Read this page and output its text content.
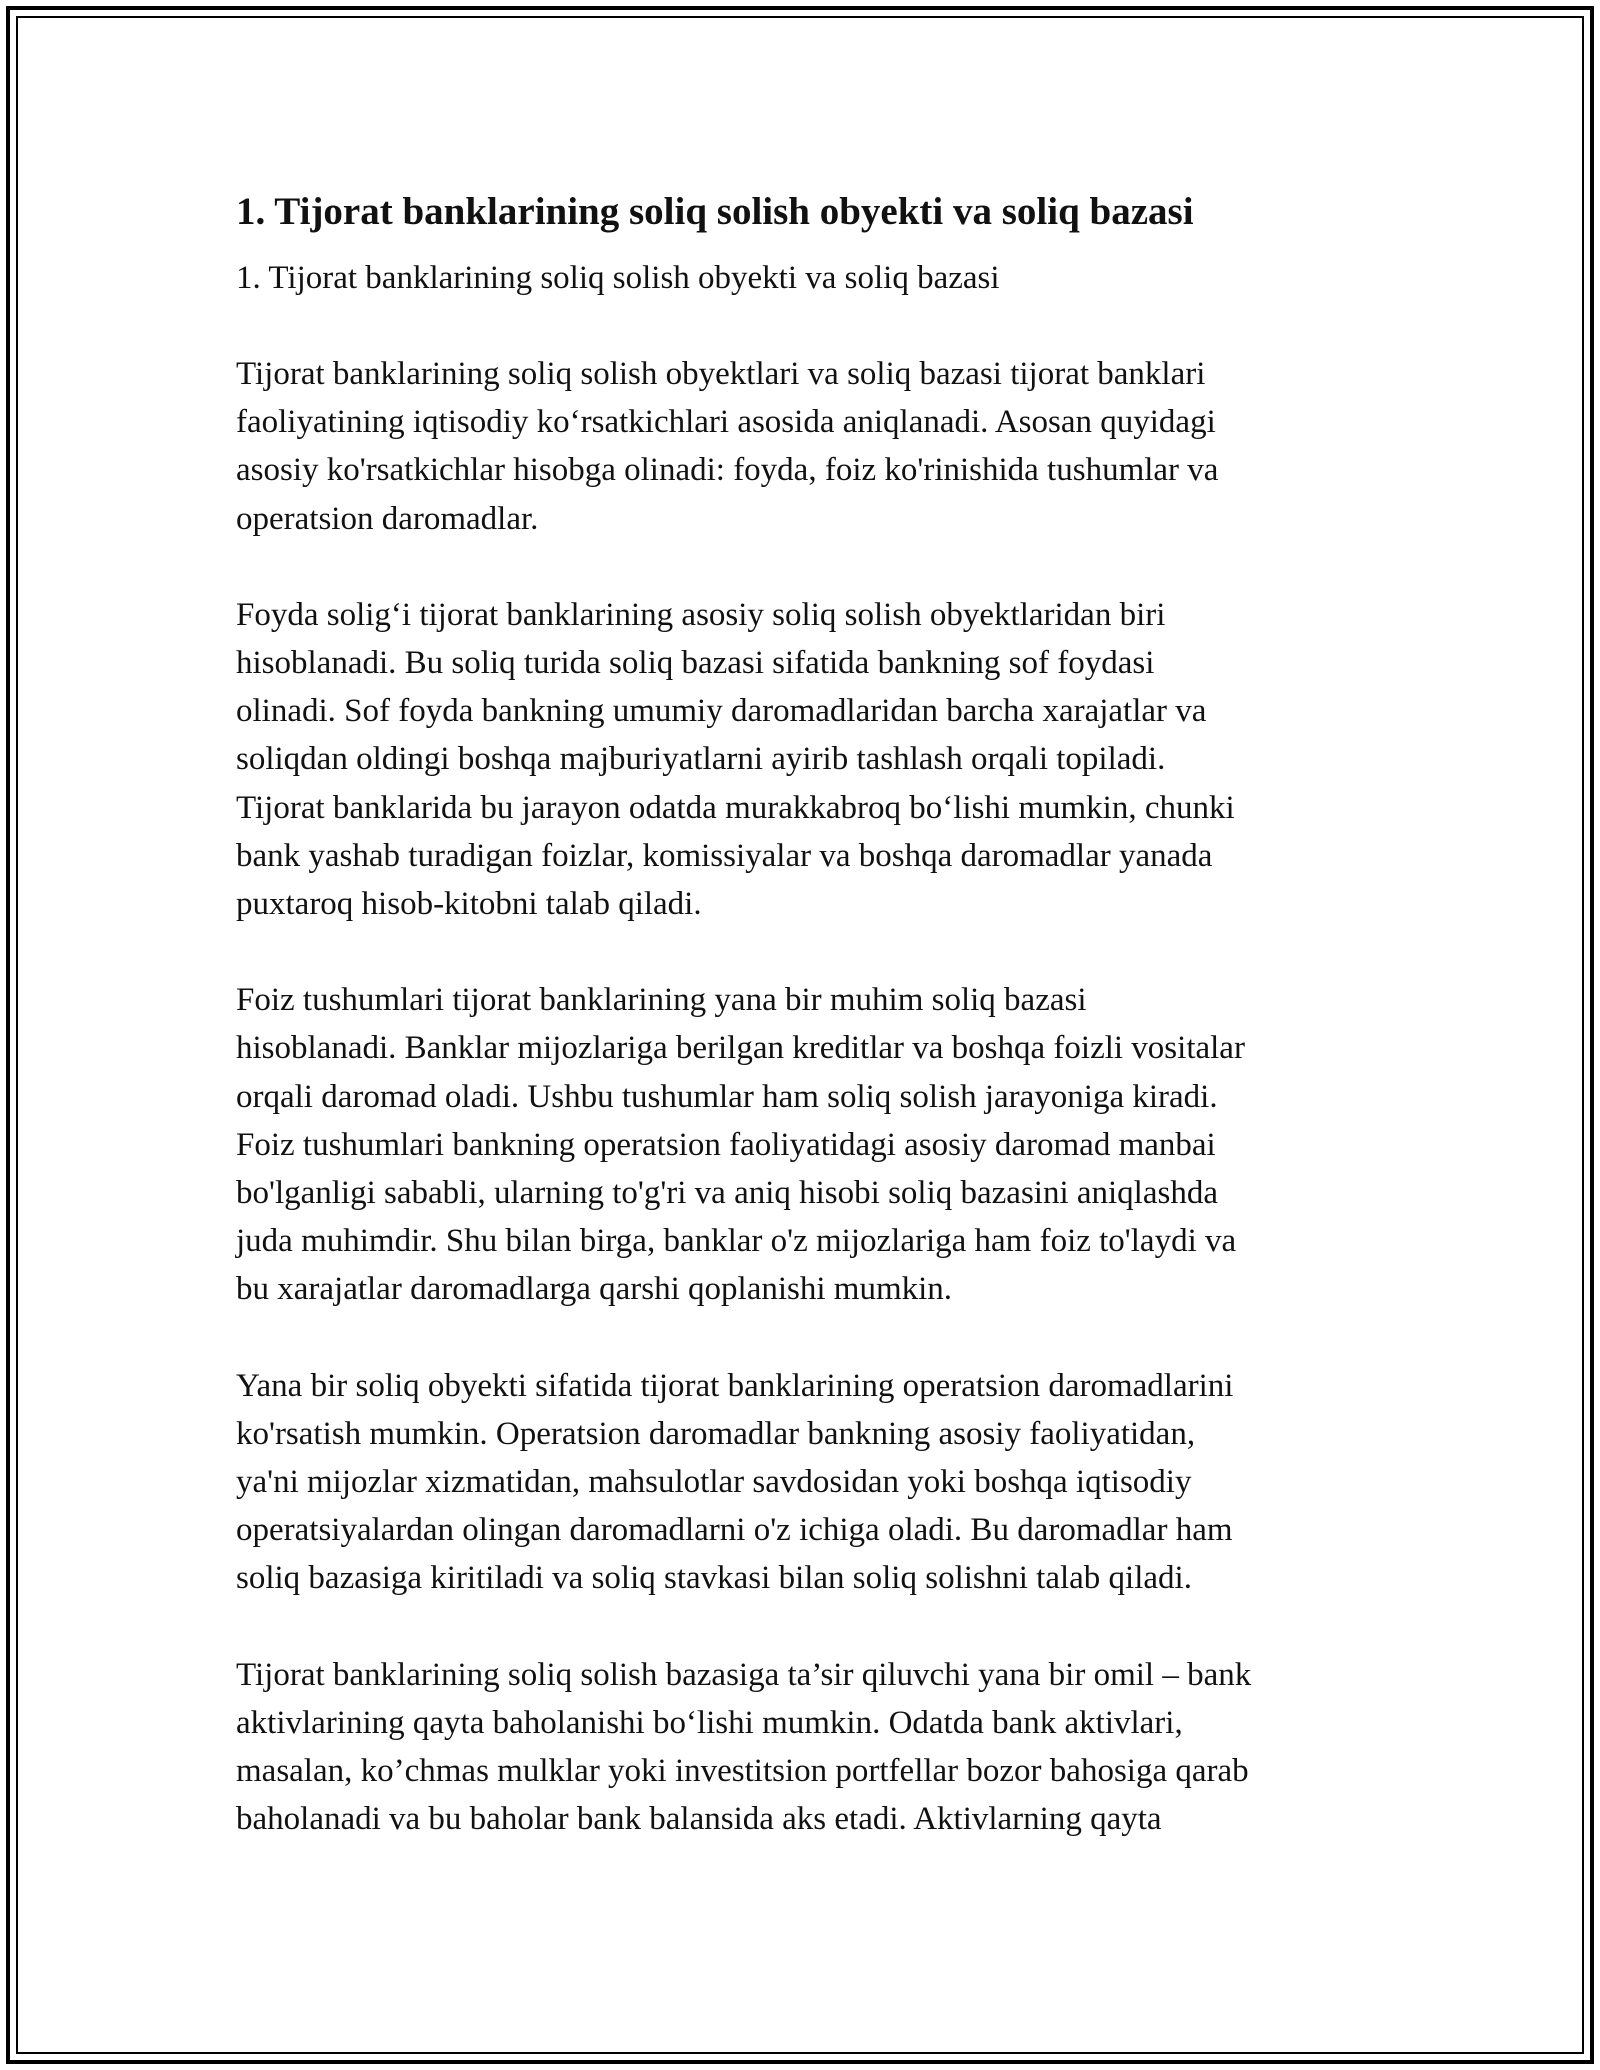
1. Tijorat banklarining soliq solish obyekti va soliq bazasi
1. Tijorat banklarining soliq solish obyekti va soliq bazasi

Tijorat banklarining soliq solish obyektlari va soliq bazasi tijorat banklari
faoliyatining iqtisodiy ko‘rsatkichlari asosida aniqlanadi. Asosan quyidagi
asosiy ko'rsatkichlar hisobga olinadi: foyda, foiz ko'rinishida tushumlar va
operatsion daromadlar.

Foyda solig‘i tijorat banklarining asosiy soliq solish obyektlaridan biri
hisoblanadi. Bu soliq turida soliq bazasi sifatida bankning sof foydasi
olinadi. Sof foyda bankning umumiy daromadlaridan barcha xarajatlar va
soliqdan oldingi boshqa majburiyatlarni ayirib tashlash orqali topiladi.
Tijorat banklarida bu jarayon odatda murakkabroq bo‘lishi mumkin, chunki
bank yashab turadigan foizlar, komissiyalar va boshqa daromadlar yanada
puxtaroq hisob-kitobni talab qiladi.

Foiz tushumlari tijorat banklarining yana bir muhim soliq bazasi
hisoblanadi. Banklar mijozlariga berilgan kreditlar va boshqa foizli vositalar
orqali daromad oladi. Ushbu tushumlar ham soliq solish jarayoniga kiradi.
Foiz tushumlari bankning operatsion faoliyatidagi asosiy daromad manbai
bo'lganligi sababli, ularning to'g'ri va aniq hisobi soliq bazasini aniqlashda
juda muhimdir. Shu bilan birga, banklar o'z mijozlariga ham foiz to'laydi va
bu xarajatlar daromadlarga qarshi qoplanishi mumkin.

Yana bir soliq obyekti sifatida tijorat banklarining operatsion daromadlarini
ko'rsatish mumkin. Operatsion daromadlar bankning asosiy faoliyatidan,
ya'ni mijozlar xizmatidan, mahsulotlar savdosidan yoki boshqa iqtisodiy
operatsiyalardan olingan daromadlarni o'z ichiga oladi. Bu daromadlar ham
soliq bazasiga kiritiladi va soliq stavkasi bilan soliq solishni talab qiladi.

Tijorat banklarining soliq solish bazasiga ta’sir qiluvchi yana bir omil – bank
aktivlarining qayta baholanishi bo‘lishi mumkin. Odatda bank aktivlari,
masalan, ko’chmas mulklar yoki investitsion portfellar bozor bahosiga qarab
baholanadi va bu baholar bank balansida aks etadi. Aktivlarning qayta
